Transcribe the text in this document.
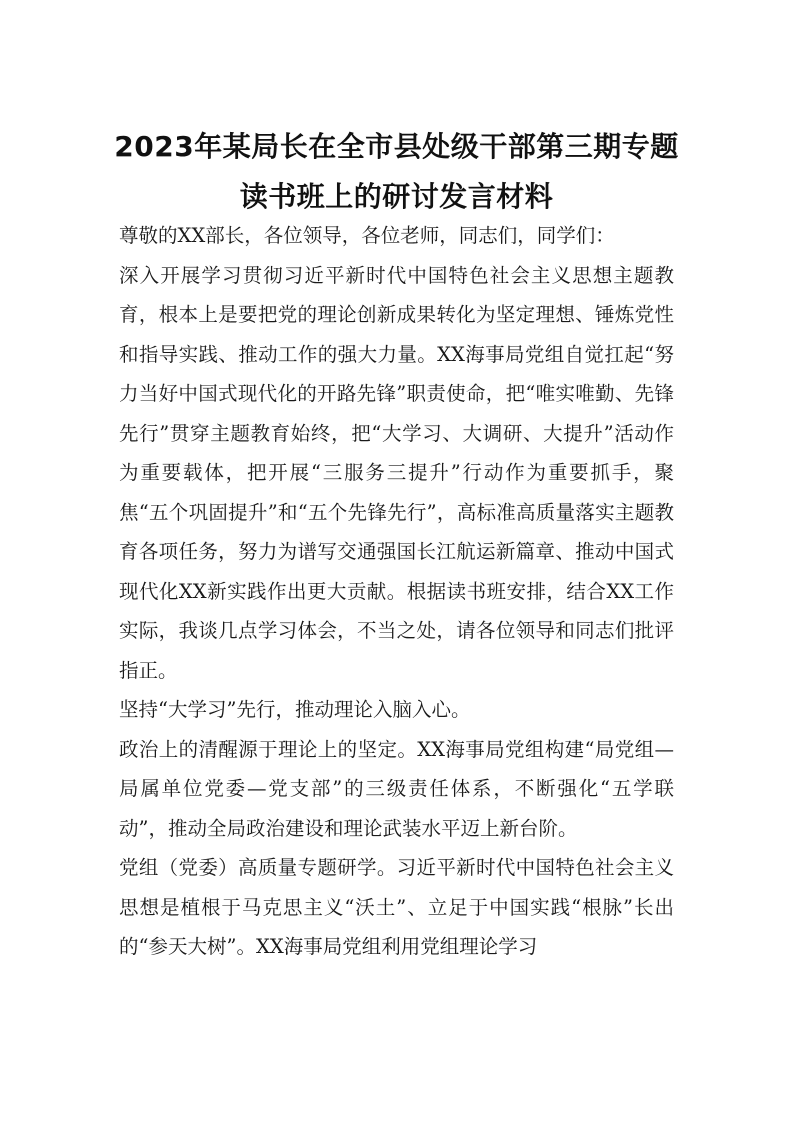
2023年某局长在全市县处级干部第三期专题读书班上的研讨发言材料

尊敬的XX部长，各位领导，各位老师，同志们，同学们：

深入开展学习贯彻习近平新时代中国特色社会主义思想主题教育，根本上是要把党的理论创新成果转化为坚定理想、锤炼党性和指导实践、推动工作的强大力量。XX海事局党组自觉扛起“努力当好中国式现代化的开路先锋”职责使命，把“唯实唯勤、先锋先行”贯穿主题教育始终，把“大学习、大调研、大提升”活动作为重要载体，把开展“三服务三提升”行动作为重要抓手，聚焦“五个巩固提升”和“五个先锋先行”，高标准高质量落实主题教育各项任务，努力为谱写交通强国长江航运新篇章、推动中国式现代化XX新实践作出更大贡献。根据读书班安排，结合XX工作实际，我谈几点学习体会，不当之处，请各位领导和同志们批评指正。

坚持“大学习”先行，推动理论入脑入心。

政治上的清醒源于理论上的坚定。XX海事局党组构建“局党组—局属单位党委—党支部”的三级责任体系，不断强化“五学联动”，推动全局政治建设和理论武装水平迈上新台阶。

党组（党委）高质量专题研学。习近平新时代中国特色社会主义思想是植根于马克思主义“沃土”、立足于中国实践“根脉”长出的“参天大树”。XX海事局党组利用党组理论学习
